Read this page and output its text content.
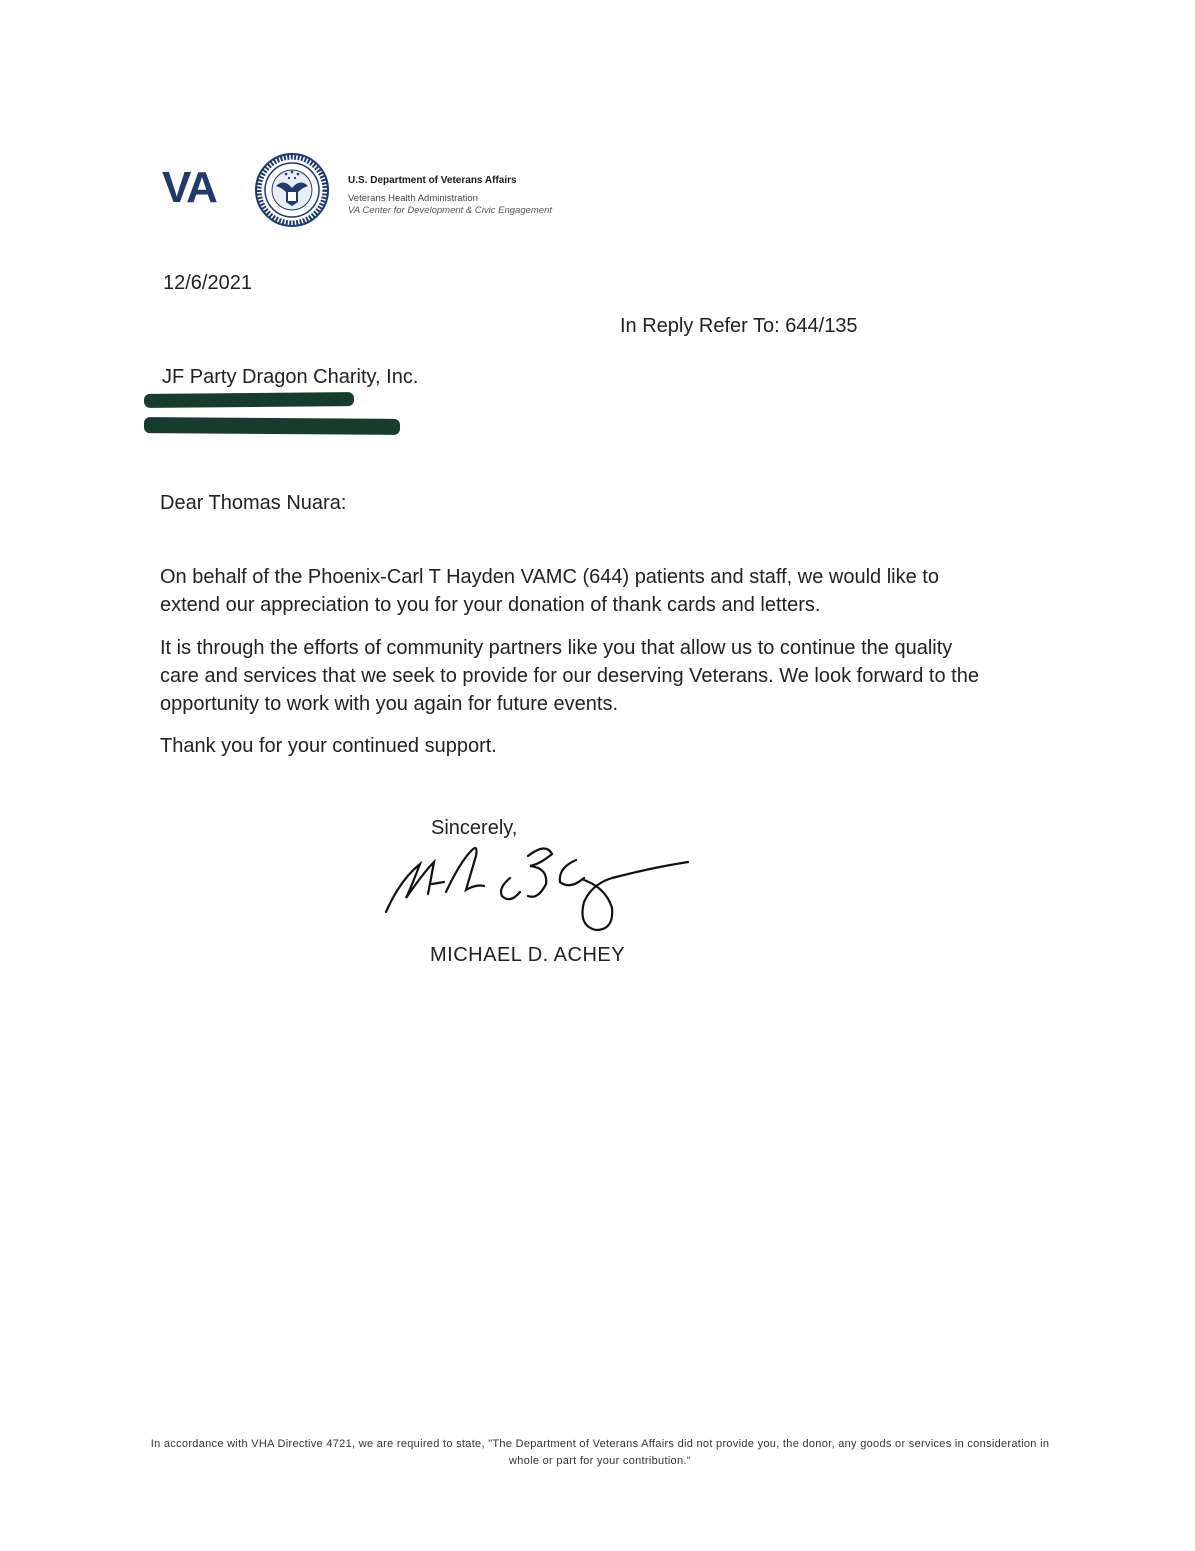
VA	U.S. Department of Veterans Affairs
Veterans Health Administration
VA Center for Development & Civic Engagement
12/6/2021
In Reply Refer To: 644/135
JF Party Dragon Charity, Inc.
Dear Thomas Nuara:

On behalf of the Phoenix-Carl T Hayden VAMC (644) patients and staff, we would like to extend our appreciation to you for your donation of thank cards and letters.

It is through the efforts of community partners like you that allow us to continue the quality care and services that we seek to provide for our deserving Veterans. We look forward to the opportunity to work with you again for future events.

Thank you for your continued support.

Sincerely,
MICHAEL D. ACHEY
In accordance with VHA Directive 4721, we are required to state, "The Department of Veterans Affairs did not provide you, the donor, any goods or services in consideration in whole or part for your contribution."
